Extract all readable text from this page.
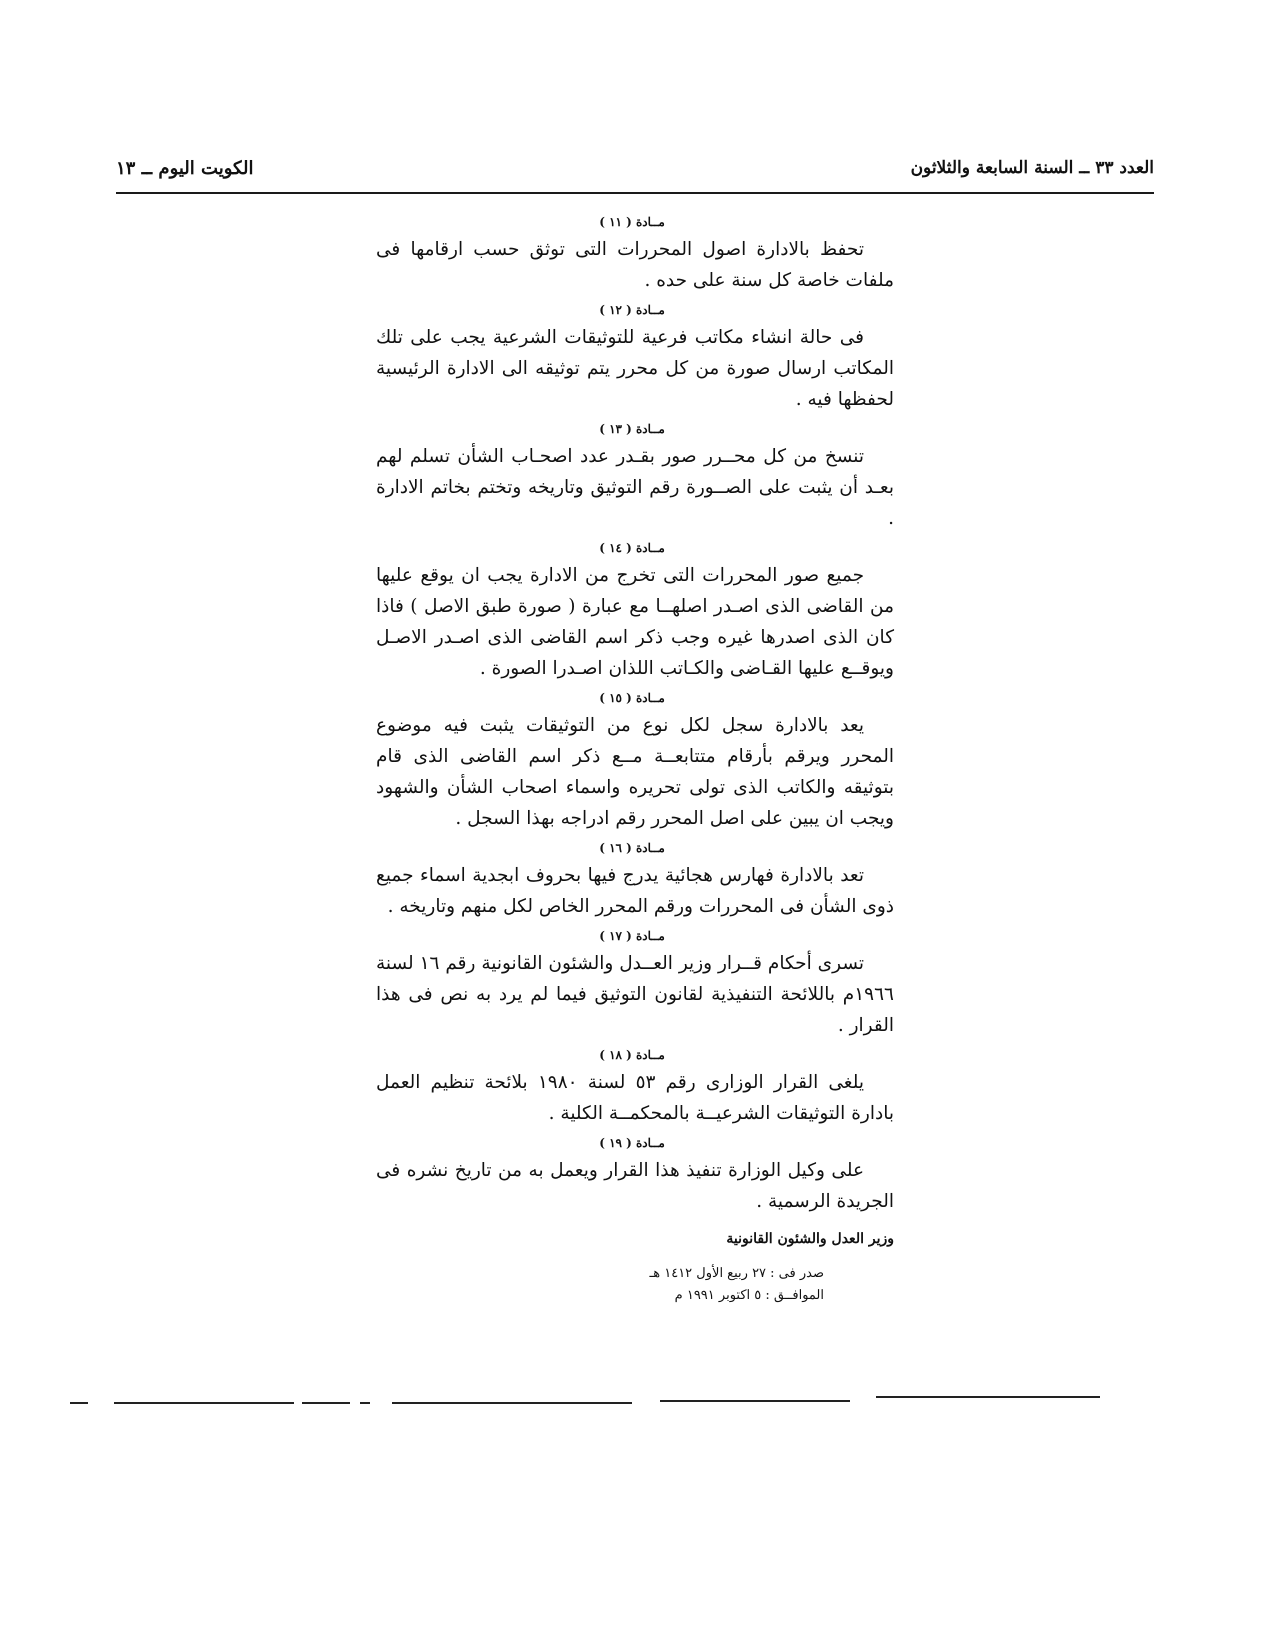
العدد ٣٣ ــ السنة السابعة والثلاثون
الكويت اليوم ــ ١٣
مــادة ( ١١ )

تحفظ بالادارة اصول المحررات التى توثق حسب ارقامها فى ملفات خاصة كل سنة على حده .

مــادة ( ١٢ )

فى حالة انشاء مكاتب فرعية للتوثيقات الشرعية يجب على تلك المكاتب ارسال صورة من كل محرر يتم توثيقه الى الادارة الرئيسية لحفظها فيه .

مــادة ( ١٣ )

تنسخ من كل محــرر صور بقـدر عدد اصحـاب الشأن تسلم لهم بعـد أن يثبت على الصــورة رقم التوثيق وتاريخه وتختم بخاتم الادارة .

مــادة ( ١٤ )

جميع صور المحررات التى تخرج من الادارة يجب ان يوقع عليها من القاضى الذى اصـدر اصلهــا مع عبارة ( صورة طبق الاصل ) فاذا كان الذى اصدرها غيره وجب ذكر اسم القاضى الذى اصـدر الاصـل ويوقــع عليها القـاضى والكـاتب اللذان اصـدرا الصورة .

مــادة ( ١٥ )

يعد بالادارة سجل لكل نوع من التوثيقات يثبت فيه موضوع المحرر ويرقم بأرقام متتابعــة مــع ذكر اسم القاضى الذى قام بتوثيقه والكاتب الذى تولى تحريره واسماء اصحاب الشأن والشهود ويجب ان يبين على اصل المحرر رقم ادراجه بهذا السجل .

مــادة ( ١٦ )

تعد بالادارة فهارس هجائية يدرج فيها بحروف ابجدية اسماء جميع ذوى الشأن فى المحررات ورقم المحرر الخاص لكل منهم وتاريخه .

مــادة ( ١٧ )

تسرى أحكام قــرار وزير العــدل والشئون القانونية رقم ١٦ لسنة ١٩٦٦م باللائحة التنفيذية لقانون التوثيق فيما لم يرد به نص فى هذا القرار .

مــادة ( ١٨ )

يلغى القرار الوزارى رقم ٥٣ لسنة ١٩٨٠ بلائحة تنظيم العمل بادارة التوثيقات الشرعيــة بالمحكمــة الكلية .

مــادة ( ١٩ )

على وكيل الوزارة تنفيذ هذا القرار ويعمل به من تاريخ نشره فى الجريدة الرسمية .

وزير العدل والشئون القانونية
صدر فى : ٢٧ ربيع الأول ١٤١٢ هـ
الموافــق : ٥ اكتوبر ١٩٩١ م
